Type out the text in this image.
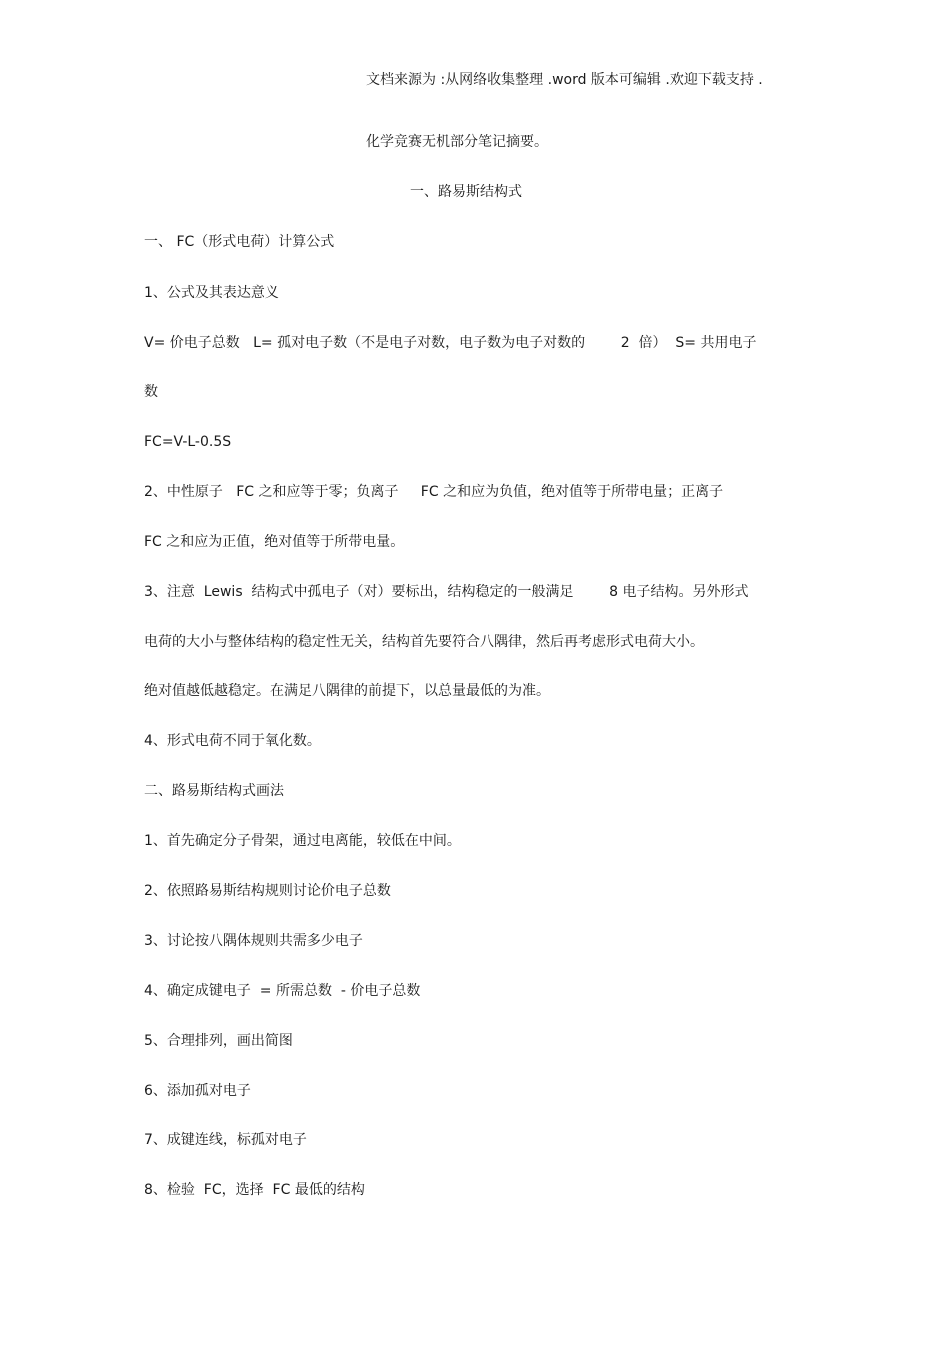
文档来源为 :从网络收集整理 .word 版本可编辑 .欢迎下载支持 .
化学竞赛无机部分笔记摘要。
一、路易斯结构式
一、 FC（形式电荷）计算公式
1、公式及其表达意义
V= 价电子总数   L= 孤对电子数（不是电子对数，电子数为电子对数的        2  倍）  S= 共用电子
数
FC=V-L-0.5S
2、中性原子   FC 之和应等于零；负离子     FC 之和应为负值，绝对值等于所带电量；正离子
FC 之和应为正值，绝对值等于所带电量。
3、注意  Lewis  结构式中孤电子（对）要标出，结构稳定的一般满足        8 电子结构。另外形式
电荷的大小与整体结构的稳定性无关，结构首先要符合八隅律，然后再考虑形式电荷大小。
绝对值越低越稳定。在满足八隅律的前提下，以总量最低的为准。
4、形式电荷不同于氧化数。
二、路易斯结构式画法
1、首先确定分子骨架，通过电离能，较低在中间。
2、依照路易斯结构规则讨论价电子总数
3、讨论按八隅体规则共需多少电子
4、确定成键电子  = 所需总数  - 价电子总数
5、合理排列，画出简图
6、添加孤对电子
7、成键连线，标孤对电子
8、检验  FC，选择  FC 最低的结构
